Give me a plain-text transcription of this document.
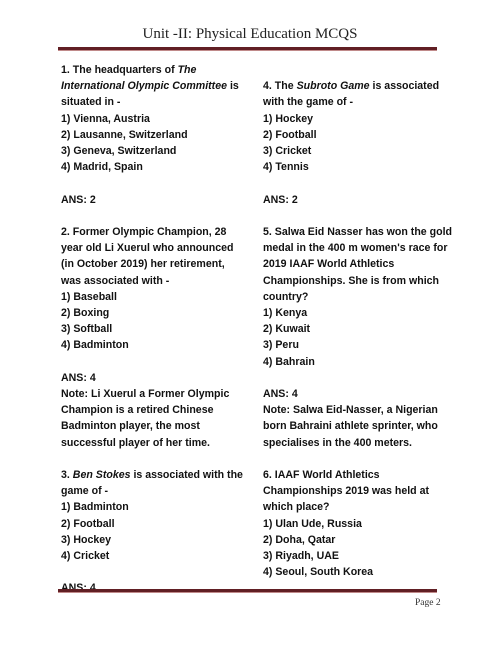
Unit -II: Physical Education MCQS
1. The headquarters of The
International Olympic Committee is
situated in -
1) Vienna, Austria
2) Lausanne, Switzerland
3) Geneva, Switzerland
4) Madrid, Spain
ANS: 2
2. Former Olympic Champion, 28
year old Li Xuerul who announced
(in October 2019) her retirement,
was associated with -
1) Baseball
2) Boxing
3) Softball
4) Badminton
ANS: 4
Note: Li Xuerul a Former Olympic
Champion is a retired Chinese
Badminton player, the most
successful player of her time.
3. Ben Stokes is associated with the
game of -
1) Badminton
2) Football
3) Hockey
4) Cricket
4. The Subroto Game is associated
with the game of -
1) Hockey
2) Football
3) Cricket
4) Tennis
ANS: 2
5. Salwa Eid Nasser has won the gold
medal in the 400 m women's race for
2019 IAAF World Athletics
Championships. She is from which
country?
1) Kenya
2) Kuwait
3) Peru
4) Bahrain
ANS: 4
Note: Salwa Eid-Nasser, a Nigerian
born Bahraini athlete sprinter, who
specialises in the 400 meters.
6. IAAF World Athletics
Championships 2019 was held at
which place?
1) Ulan Ude, Russia
2) Doha, Qatar
3) Riyadh, UAE
4) Seoul, South Korea
Page 2
